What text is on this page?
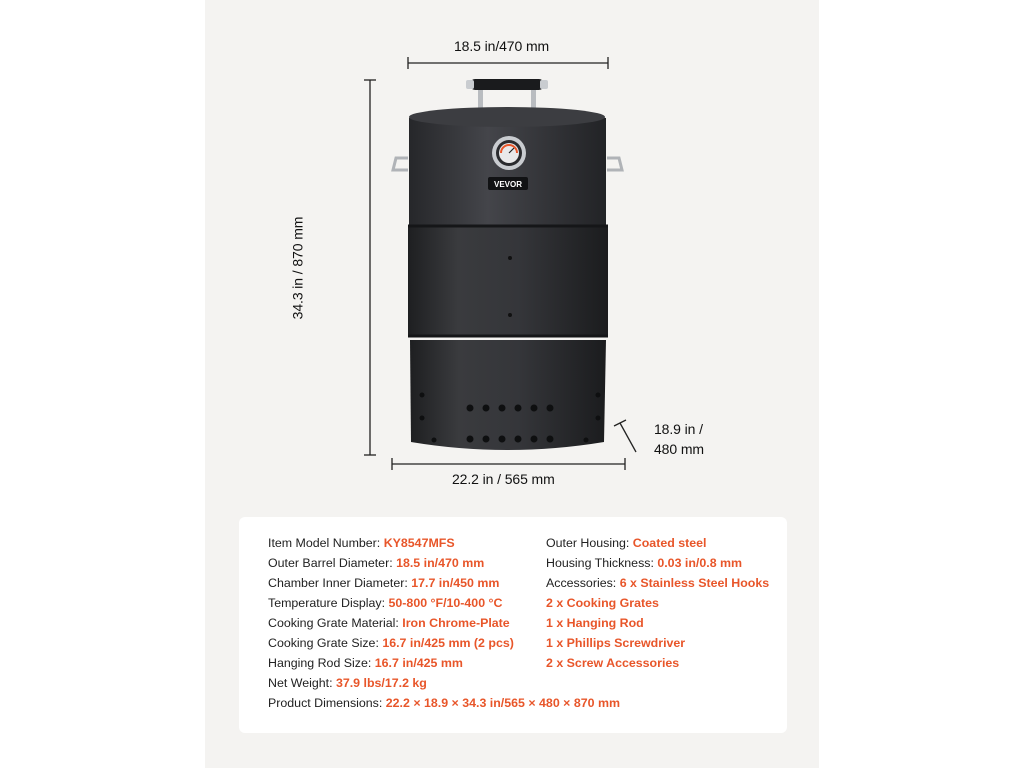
VEVOR
18.5 in/470 mm
34.3 in / 870 mm
22.2 in / 565 mm
18.9 in /
480 mm
Item Model Number: KY8547MFS
Outer Barrel Diameter: 18.5 in/470 mm
Chamber Inner Diameter: 17.7 in/450 mm
Temperature Display: 50-800 °F/10-400 °C
Cooking Grate Material: Iron Chrome-Plate
Cooking Grate Size: 16.7 in/425 mm (2 pcs)
Hanging Rod Size: 16.7 in/425 mm
Net Weight: 37.9 lbs/17.2 kg
Product Dimensions: 22.2 × 18.9 × 34.3 in/565 × 480 × 870 mm
Outer Housing: Coated steel
Housing Thickness: 0.03 in/0.8 mm
Accessories: 6 x Stainless Steel Hooks
2 x Cooking Grates
1 x Hanging Rod
1 x Phillips Screwdriver
2 x Screw Accessories
